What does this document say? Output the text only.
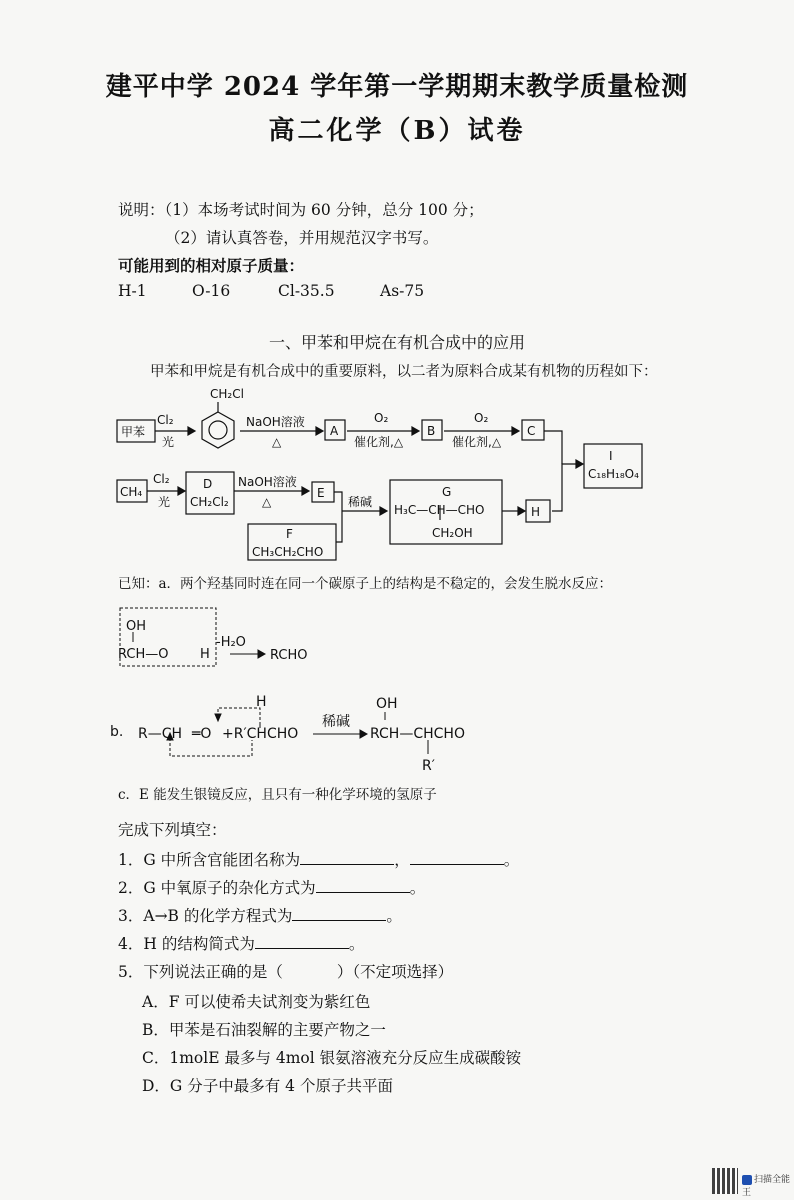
建平中学 2024 学年第一学期期末教学质量检测
高二化学（B）试卷
说明：（1）本场考试时间为 60 分钟，总分 100 分；
（2）请认真答卷，并用规范汉字书写。
可能用到的相对原子质量：
H-1	O-16	Cl-35.5	As-75
一、甲苯和甲烷在有机合成中的应用
甲苯和甲烷是有机合成中的重要原料，以二者为原料合成某有机物的历程如下：
甲苯
Cl₂
光
CH₂Cl
NaOH溶液
△
A
O₂
催化剂,△
B
O₂
催化剂,△
C
I
C₁₈H₁₈O₄
CH₄
Cl₂
光
D
CH₂Cl₂
NaOH溶液
△
E
稀碱
G
H₃C—CH—CHO
CH₂OH
H
F
CH₃CH₂CHO
已知：a．两个羟基同时连在同一个碳原子上的结构是不稳定的，会发生脱水反应：
OH
RCH—O H
-H₂O
RCHO
b. R—CH ═O +R′CHCHO
H
稀碱
OH
RCH—CHCHO
R′
c．E 能发生银镜反应，且只有一种化学环境的氢原子
完成下列填空：
1．G 中所含官能团名称为	，	。
2．G 中氧原子的杂化方式为	。
3．A→B 的化学方程式为	。
4．H 的结构简式为	。
5．下列说法正确的是（	）（不定项选择）
A．F 可以使希夫试剂变为紫红色
B．甲苯是石油裂解的主要产物之一
C．1molE 最多与 4mol 银氨溶液充分反应生成碳酸铵
D．G 分子中最多有 4 个原子共平面
扫描全能王
